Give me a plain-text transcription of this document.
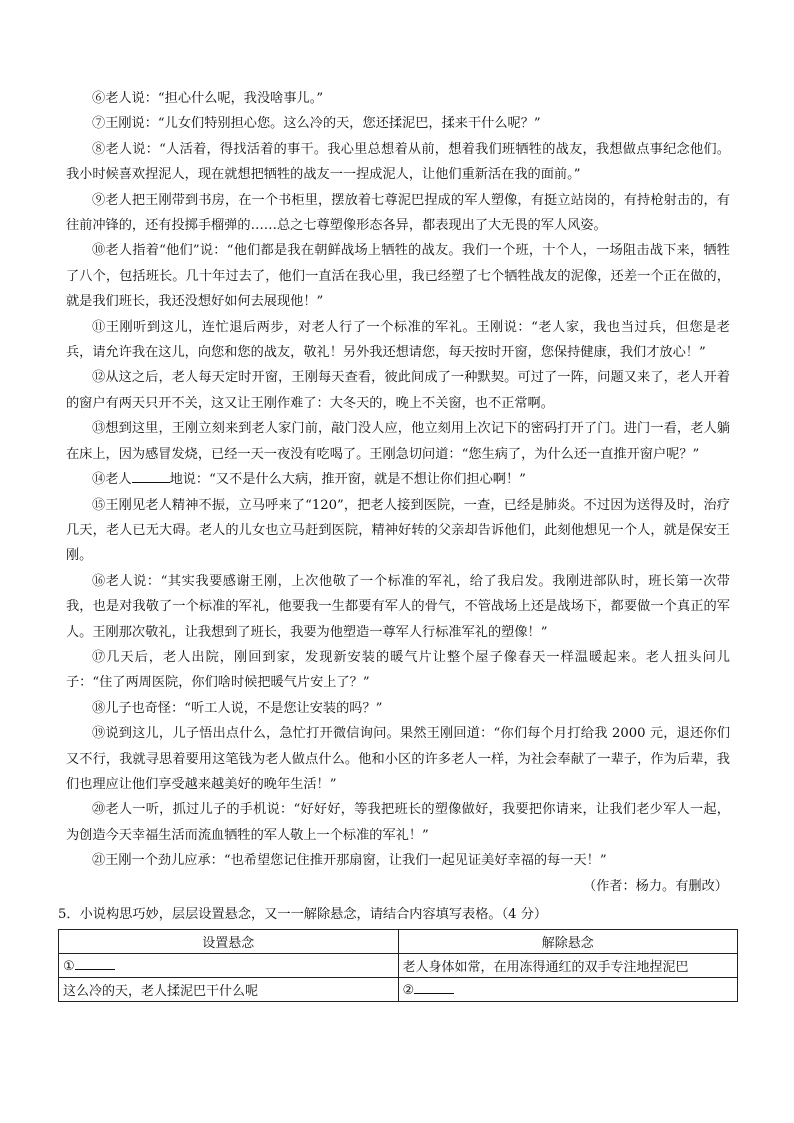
⑥老人说：“担心什么呢，我没啥事儿。”

⑦王刚说：“儿女们特别担心您。这么冷的天，您还揉泥巴，揉来干什么呢？”

⑧老人说：“人活着，得找活着的事干。我心里总想着从前，想着我们班牺牲的战友，我想做点事纪念他们。我小时候喜欢捏泥人，现在就想把牺牲的战友一一捏成泥人，让他们重新活在我的面前。”

⑨老人把王刚带到书房，在一个书柜里，摆放着七尊泥巴捏成的军人塑像，有挺立站岗的，有持枪射击的，有往前冲锋的，还有投掷手榴弹的……总之七尊塑像形态各异，都表现出了大无畏的军人风姿。

⑩老人指着“他们”说：“他们都是我在朝鲜战场上牺牲的战友。我们一个班，十个人，一场阻击战下来，牺牲了八个，包括班长。几十年过去了，他们一直活在我心里，我已经塑了七个牺牲战友的泥像，还差一个正在做的，就是我们班长，我还没想好如何去展现他！”

⑪王刚听到这儿，连忙退后两步，对老人行了一个标准的军礼。王刚说：“老人家，我也当过兵，但您是老兵，请允许我在这儿，向您和您的战友，敬礼！另外我还想请您，每天按时开窗，您保持健康，我们才放心！”

⑫从这之后，老人每天定时开窗，王刚每天查看，彼此间成了一种默契。可过了一阵，问题又来了，老人开着的窗户有两天只开不关，这又让王刚作难了：大冬天的，晚上不关窗，也不正常啊。

⑬想到这里，王刚立刻来到老人家门前，敲门没人应，他立刻用上次记下的密码打开了门。进门一看，老人躺在床上，因为感冒发烧，已经一天一夜没有吃喝了。王刚急切问道：“您生病了，为什么还一直推开窗户呢？”

⑭老人	地说：“又不是什么大病，推开窗，就是不想让你们担心啊！”

⑮王刚见老人精神不振，立马呼来了“120”，把老人接到医院，一查，已经是肺炎。不过因为送得及时，治疗几天，老人已无大碍。老人的儿女也立马赶到医院，精神好转的父亲却告诉他们，此刻他想见一个人，就是保安王刚。

⑯老人说：“其实我要感谢王刚，上次他敬了一个标准的军礼，给了我启发。我刚进部队时，班长第一次带我，也是对我敬了一个标准的军礼，他要我一生都要有军人的骨气，不管战场上还是战场下，都要做一个真正的军人。王刚那次敬礼，让我想到了班长，我要为他塑造一尊军人行标准军礼的塑像！”

⑰几天后，老人出院，刚回到家，发现新安装的暖气片让整个屋子像春天一样温暖起来。老人扭头问儿子：“住了两周医院，你们啥时候把暖气片安上了？”

⑱儿子也奇怪：“听工人说，不是您让安装的吗？”

⑲说到这儿，儿子悟出点什么，急忙打开微信询问。果然王刚回道：“你们每个月打给我 2000 元，退还你们又不行，我就寻思着要用这笔钱为老人做点什么。他和小区的许多老人一样，为社会奉献了一辈子，作为后辈，我们也理应让他们享受越来越美好的晚年生活！”

⑳老人一听，抓过儿子的手机说：“好好好，等我把班长的塑像做好，我要把你请来，让我们老少军人一起，为创造今天幸福生活而流血牺牲的军人敬上一个标准的军礼！”

㉑王刚一个劲儿应承：“也希望您记住推开那扇窗，让我们一起见证美好幸福的每一天！”

（作者：杨力。有删改）

5．小说构思巧妙，层层设置悬念，又一一解除悬念，请结合内容填写表格。（4 分）

设置悬念	解除悬念
①	老人身体如常，在用冻得通红的双手专注地捏泥巴
这么冷的天，老人揉泥巴干什么呢	②
